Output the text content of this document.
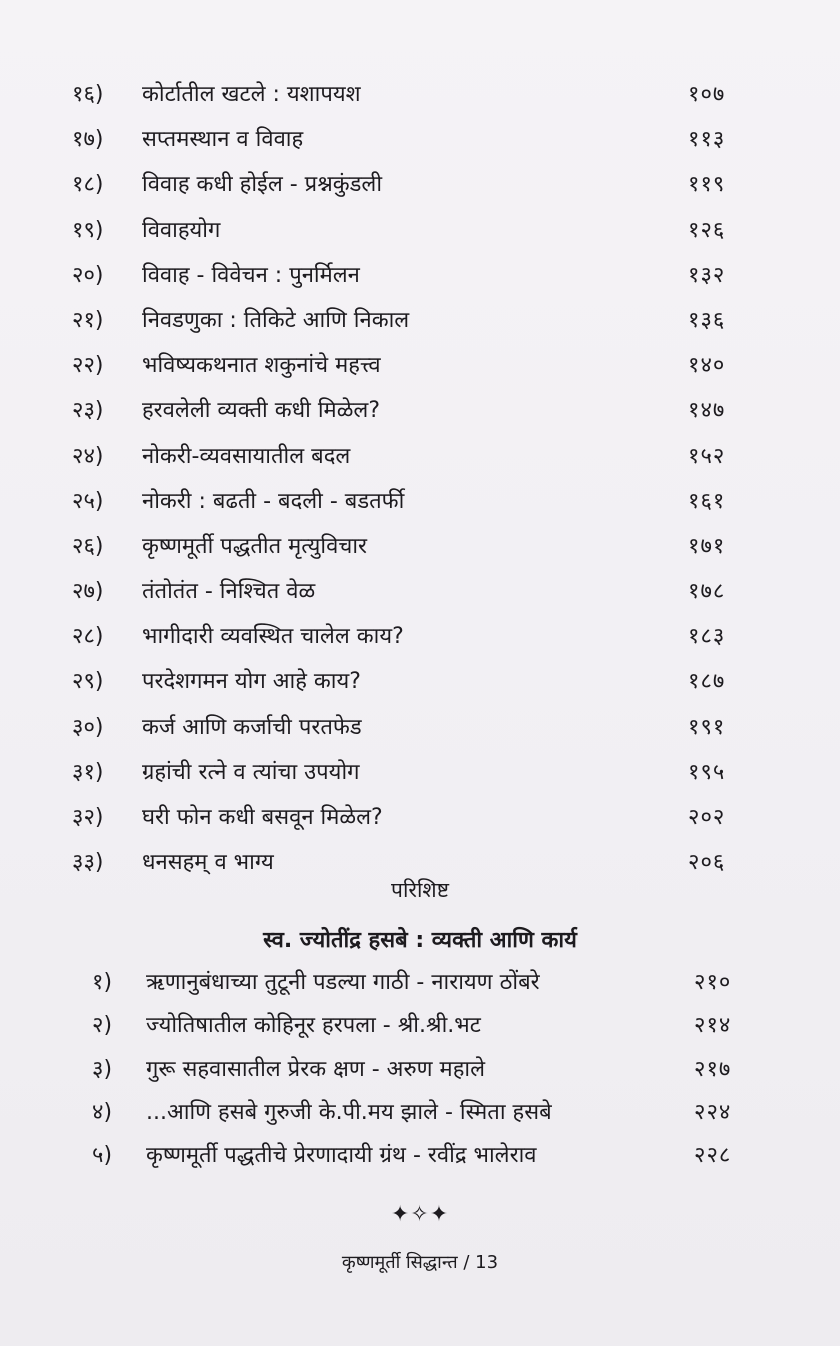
१६)	कोर्टातील खटले : यशापयश	१०७
१७)	सप्तमस्थान व विवाह	११३
१८)	विवाह कधी होईल - प्रश्नकुंडली	११९
१९)	विवाहयोग	१२६
२०)	विवाह - विवेचन : पुनर्मिलन	१३२
२१)	निवडणुका : तिकिटे आणि निकाल	१३६
२२)	भविष्यकथनात शकुनांचे महत्त्व	१४०
२३)	हरवलेली व्यक्ती कधी मिळेल?	१४७
२४)	नोकरी-व्यवसायातील बदल	१५२
२५)	नोकरी : बढती - बदली - बडतर्फी	१६१
२६)	कृष्णमूर्ती पद्धतीत मृत्युविचार	१७१
२७)	तंतोतंत - निश्चित वेळ	१७८
२८)	भागीदारी व्यवस्थित चालेल काय?	१८३
२९)	परदेशगमन योग आहे काय?	१८७
३०)	कर्ज आणि कर्जाची परतफेड	१९१
३१)	ग्रहांची रत्ने व त्यांचा उपयोग	१९५
३२)	घरी फोन कधी बसवून मिळेल?	२०२
३३)	धनसहम् व भाग्य	२०६
परिशिष्ट
स्व. ज्योतींद्र हसबे : व्यक्ती आणि कार्य
१)	ऋणानुबंधाच्या तुटूनी पडल्या गाठी - नारायण ठोंबरे	२१०
२)	ज्योतिषातील कोहिनूर हरपला - श्री.श्री.भट	२१४
३)	गुरू सहवासातील प्रेरक क्षण - अरुण महाले	२१७
४)	...आणि हसबे गुरुजी के.पी.मय झाले - स्मिता हसबे	२२४
५)	कृष्णमूर्ती पद्धतीचे प्रेरणादायी ग्रंथ - रवींद्र भालेराव	२२८
✦✧✦
कृष्णमूर्ती सिद्धान्त / 13
